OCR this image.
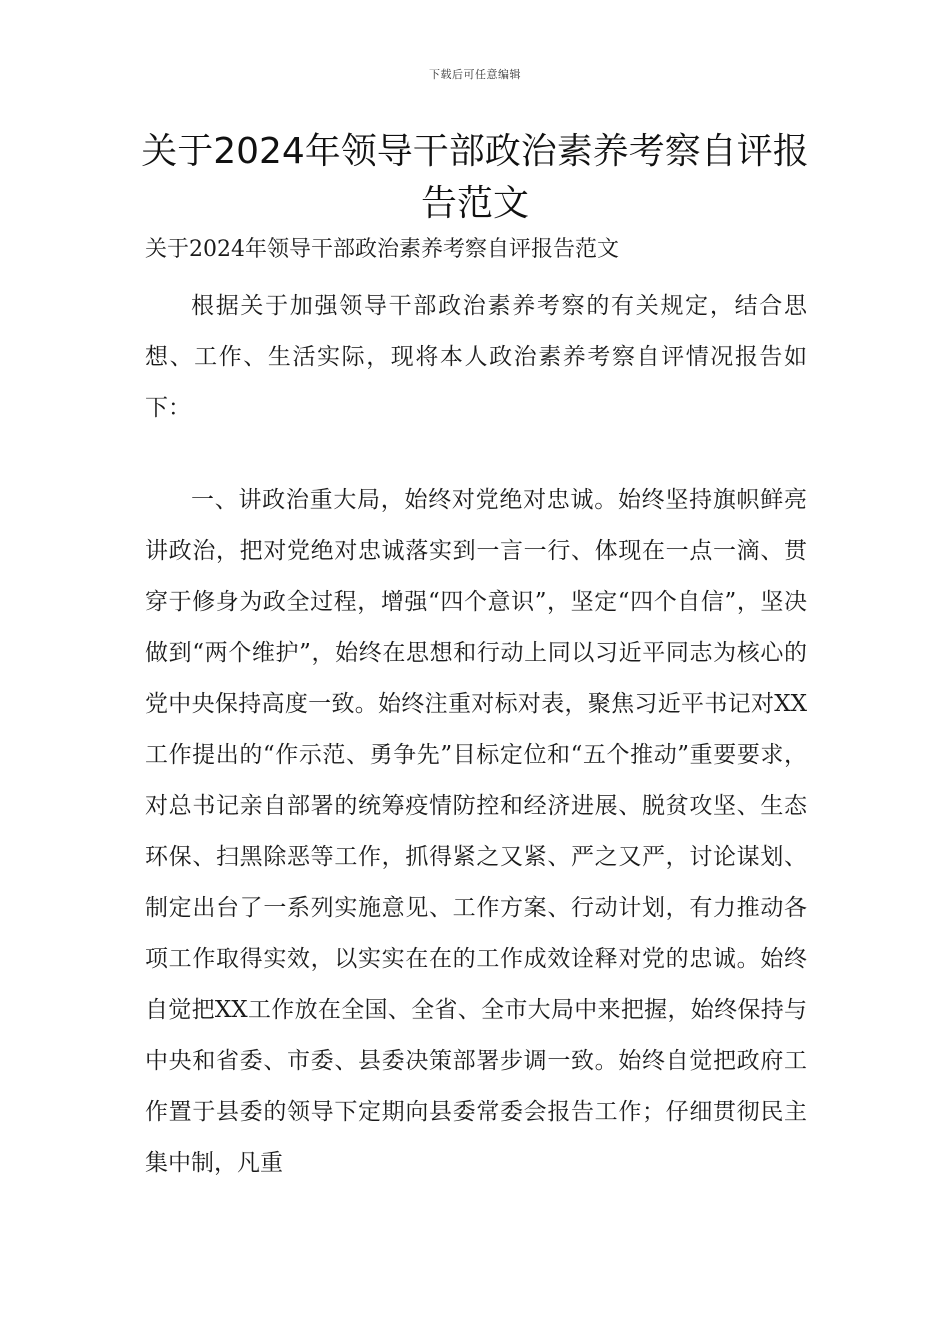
下载后可任意编辑
关于2024年领导干部政治素养考察自评报告范文

关于2024年领导干部政治素养考察自评报告范文

根据关于加强领导干部政治素养考察的有关规定，结合思想、工作、生活实际，现将本人政治素养考察自评情况报告如下：

一、讲政治重大局，始终对党绝对忠诚。始终坚持旗帜鲜亮讲政治，把对党绝对忠诚落实到一言一行、体现在一点一滴、贯穿于修身为政全过程，增强“四个意识”，坚定“四个自信”，坚决做到“两个维护”，始终在思想和行动上同以习近平同志为核心的党中央保持高度一致。始终注重对标对表，聚焦习近平书记对XX工作提出的“作示范、勇争先”目标定位和“五个推动”重要要求，对总书记亲自部署的统筹疫情防控和经济进展、脱贫攻坚、生态环保、扫黑除恶等工作，抓得紧之又紧、严之又严，讨论谋划、制定出台了一系列实施意见、工作方案、行动计划，有力推动各项工作取得实效，以实实在在的工作成效诠释对党的忠诚。始终自觉把XX工作放在全国、全省、全市大局中来把握，始终保持与中央和省委、市委、县委决策部署步调一致。始终自觉把政府工作置于县委的领导下定期向县委常委会报告工作；仔细贯彻民主集中制，凡重
